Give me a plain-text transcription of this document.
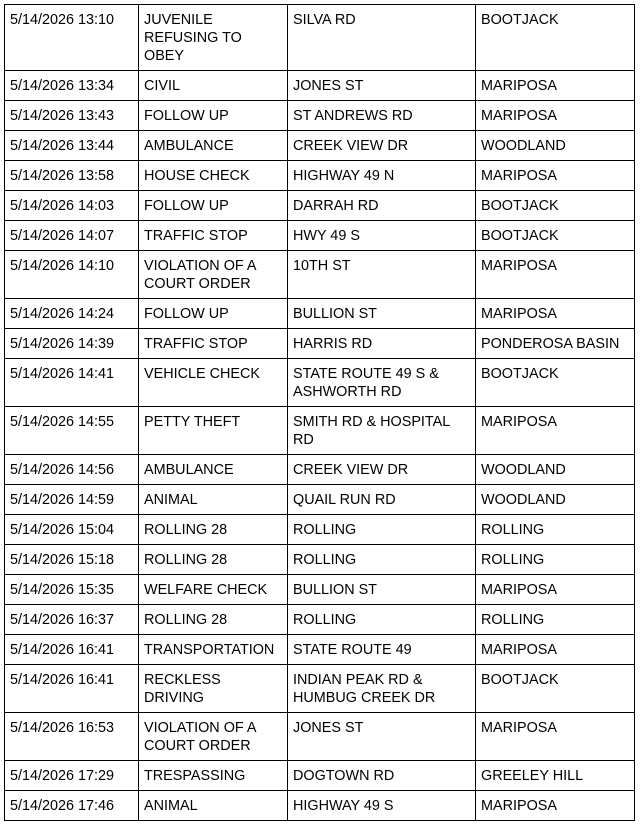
5/14/2026 13:10	JUVENILE
REFUSING TO
OBEY	SILVA RD	BOOTJACK
5/14/2026 13:34	CIVIL	JONES ST	MARIPOSA
5/14/2026 13:43	FOLLOW UP	ST ANDREWS RD	MARIPOSA
5/14/2026 13:44	AMBULANCE	CREEK VIEW DR	WOODLAND
5/14/2026 13:58	HOUSE CHECK	HIGHWAY 49 N	MARIPOSA
5/14/2026 14:03	FOLLOW UP	DARRAH RD	BOOTJACK
5/14/2026 14:07	TRAFFIC STOP	HWY 49 S	BOOTJACK
5/14/2026 14:10	VIOLATION OF A
COURT ORDER	10TH ST	MARIPOSA
5/14/2026 14:24	FOLLOW UP	BULLION ST	MARIPOSA
5/14/2026 14:39	TRAFFIC STOP	HARRIS RD	PONDEROSA BASIN
5/14/2026 14:41	VEHICLE CHECK	STATE ROUTE 49 S &
ASHWORTH RD	BOOTJACK
5/14/2026 14:55	PETTY THEFT	SMITH RD & HOSPITAL
RD	MARIPOSA
5/14/2026 14:56	AMBULANCE	CREEK VIEW DR	WOODLAND
5/14/2026 14:59	ANIMAL	QUAIL RUN RD	WOODLAND
5/14/2026 15:04	ROLLING 28	ROLLING	ROLLING
5/14/2026 15:18	ROLLING 28	ROLLING	ROLLING
5/14/2026 15:35	WELFARE CHECK	BULLION ST	MARIPOSA
5/14/2026 16:37	ROLLING 28	ROLLING	ROLLING
5/14/2026 16:41	TRANSPORTATION	STATE ROUTE 49	MARIPOSA
5/14/2026 16:41	RECKLESS
DRIVING	INDIAN PEAK RD &
HUMBUG CREEK DR	BOOTJACK
5/14/2026 16:53	VIOLATION OF A
COURT ORDER	JONES ST	MARIPOSA
5/14/2026 17:29	TRESPASSING	DOGTOWN RD	GREELEY HILL
5/14/2026 17:46	ANIMAL	HIGHWAY 49 S	MARIPOSA
